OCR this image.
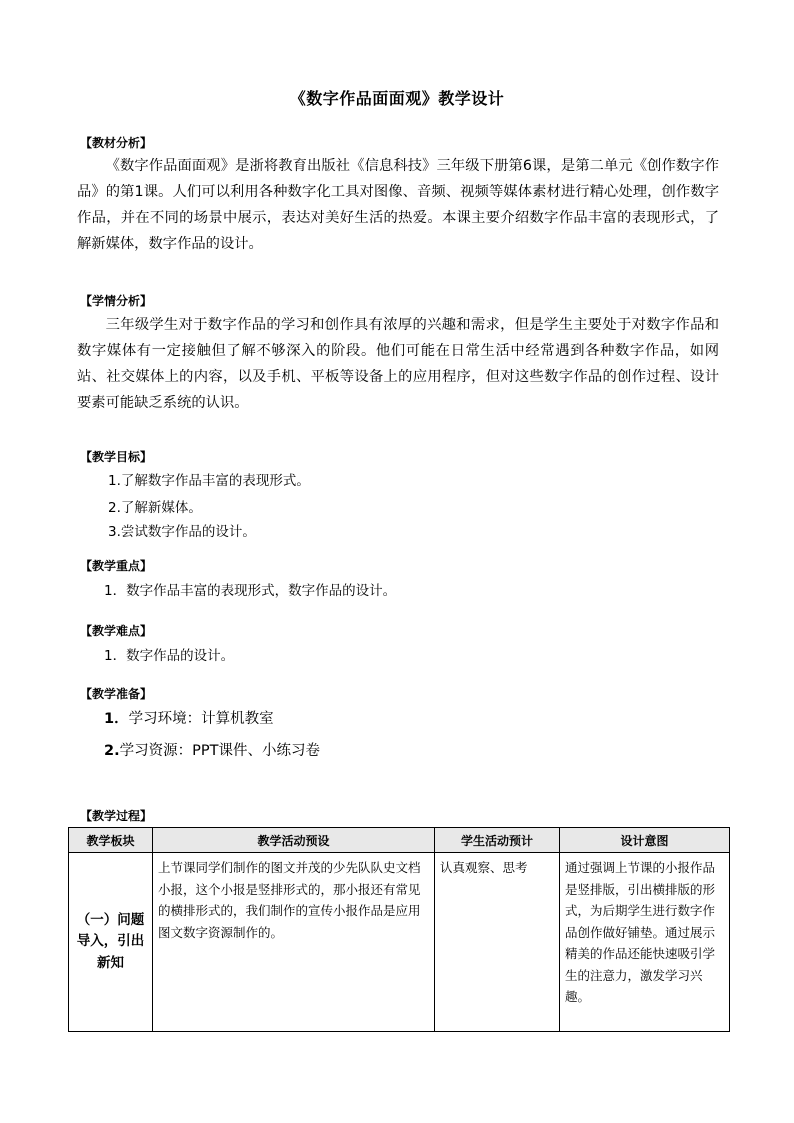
《数字作品面面观》教学设计
【教材分析】
《数字作品面面观》是浙将教育出版社《信息科技》三年级下册第6课，是第二单元《创作数字作品》的第1课。人们可以利用各种数字化工具对图像、音频、视频等媒体素材进行精心处理，创作数字作品，并在不同的场景中展示，表达对美好生活的热爱。本课主要介绍数字作品丰富的表现形式，了解新媒体，数字作品的设计。
【学情分析】
三年级学生对于数字作品的学习和创作具有浓厚的兴趣和需求，但是学生主要处于对数字作品和数字媒体有一定接触但了解不够深入的阶段。他们可能在日常生活中经常遇到各种数字作品，如网站、社交媒体上的内容，以及手机、平板等设备上的应用程序，但对这些数字作品的创作过程、设计要素可能缺乏系统的认识。
【教学目标】
1.了解数字作品丰富的表现形式。
2.了解新媒体。
3.尝试数字作品的设计。
【教学重点】
1．数字作品丰富的表现形式，数字作品的设计。
【教学难点】
1．数字作品的设计。
【教学准备】
1．学习环境：计算机教室
2.学习资源：PPT课件、小练习卷
【教学过程】
教学板块	教学活动预设	学生活动预计	设计意图

（一）问题导入，引出新知	上节课同学们制作的图文并茂的少先队队史文档小报，这个小报是竖排形式的，那小报还有常见的横排形式的，我们制作的宣传小报作品是应用图文数字资源制作的。	认真观察、思考	通过强调上节课的小报作品是竖排版，引出横排版的形式，为后期学生进行数字作品创作做好铺垫。通过展示精美的作品还能快速吸引学生的注意力，激发学习兴趣。
